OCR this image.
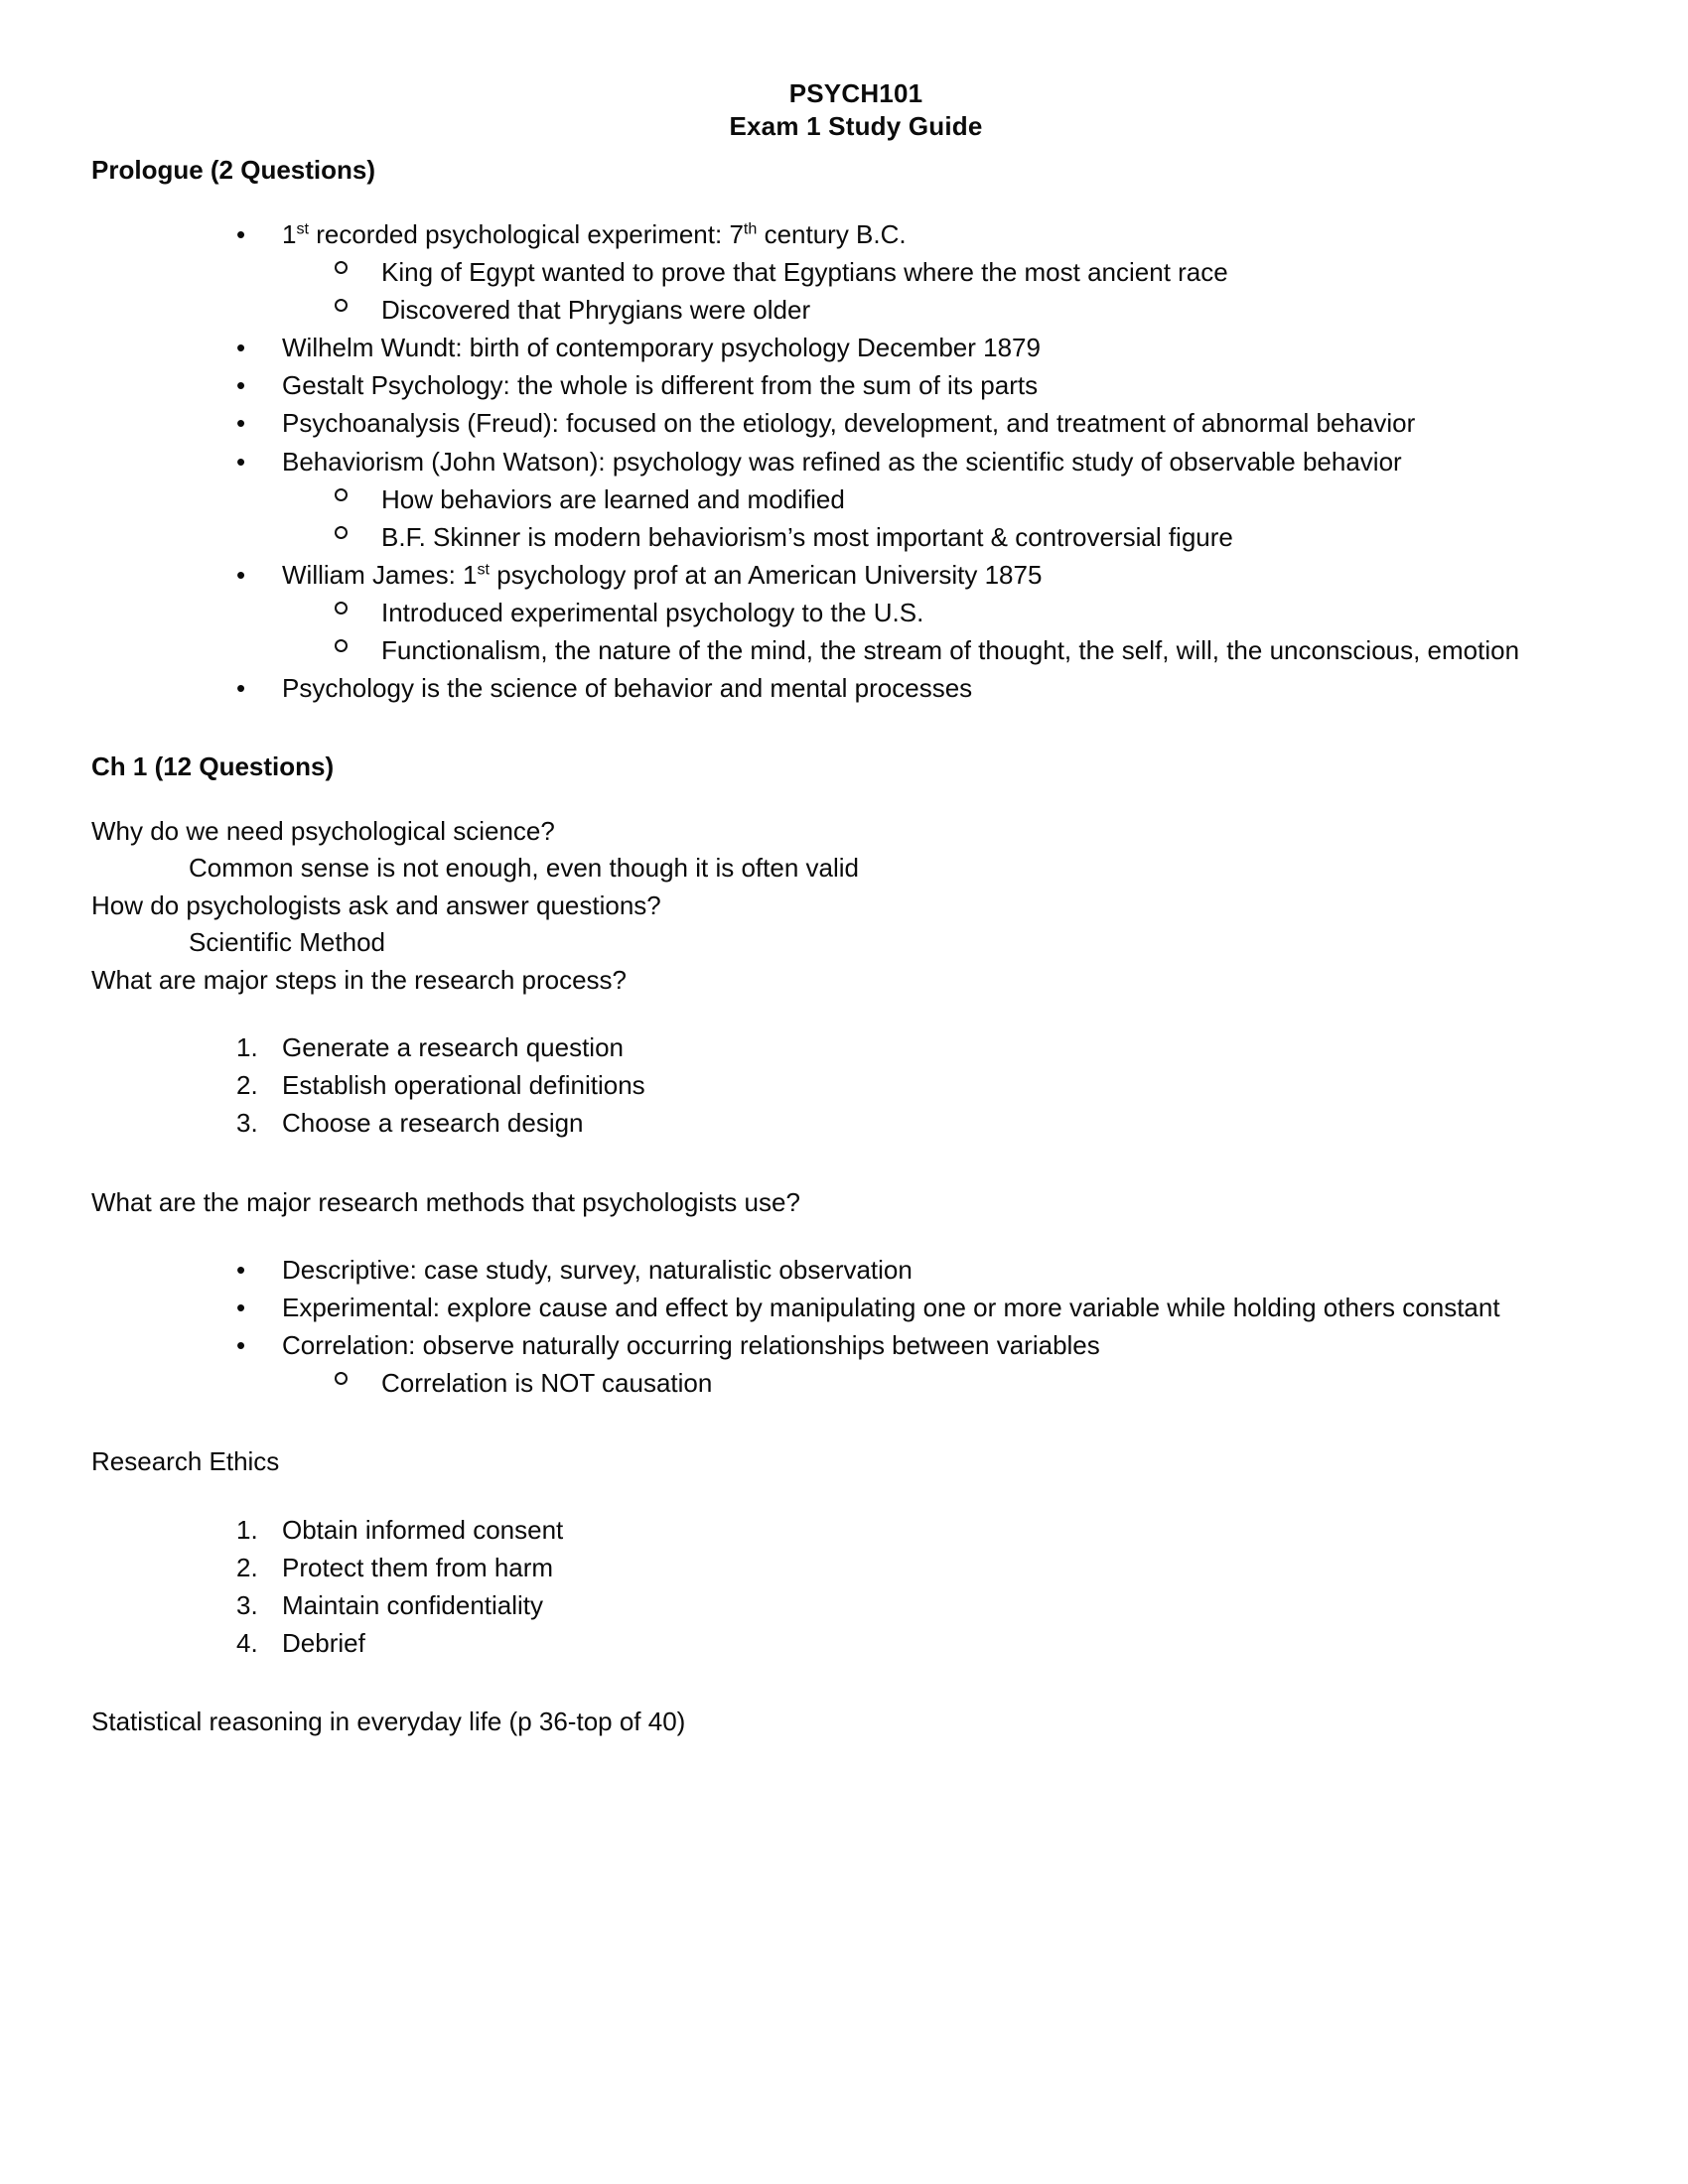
PSYCH101
Exam 1 Study Guide
Prologue (2 Questions)
• 1st recorded psychological experiment: 7th century B.C.
King of Egypt wanted to prove that Egyptians where the most ancient race
Discovered that Phrygians were older
• Wilhelm Wundt: birth of contemporary psychology December 1879
• Gestalt Psychology: the whole is different from the sum of its parts
• Psychoanalysis (Freud): focused on the etiology, development, and treatment of abnormal behavior
• Behaviorism (John Watson): psychology was refined as the scientific study of observable behavior
How behaviors are learned and modified
B.F. Skinner is modern behaviorism’s most important & controversial figure
• William James: 1st psychology prof at an American University 1875
Introduced experimental psychology to the U.S.
Functionalism, the nature of the mind, the stream of thought, the self, will, the unconscious, emotion
• Psychology is the science of behavior and mental processes
Ch 1 (12 Questions)
Why do we need psychological science?
Common sense is not enough, even though it is often valid
How do psychologists ask and answer questions?
Scientific Method
What are major steps in the research process?
1. Generate a research question
2. Establish operational definitions
3. Choose a research design
What are the major research methods that psychologists use?
• Descriptive: case study, survey, naturalistic observation
• Experimental: explore cause and effect by manipulating one or more variable while holding others constant
• Correlation: observe naturally occurring relationships between variables
Correlation is NOT causation
Research Ethics
1. Obtain informed consent
2. Protect them from harm
3. Maintain confidentiality
4. Debrief
Statistical reasoning in everyday life (p 36-top of 40)
